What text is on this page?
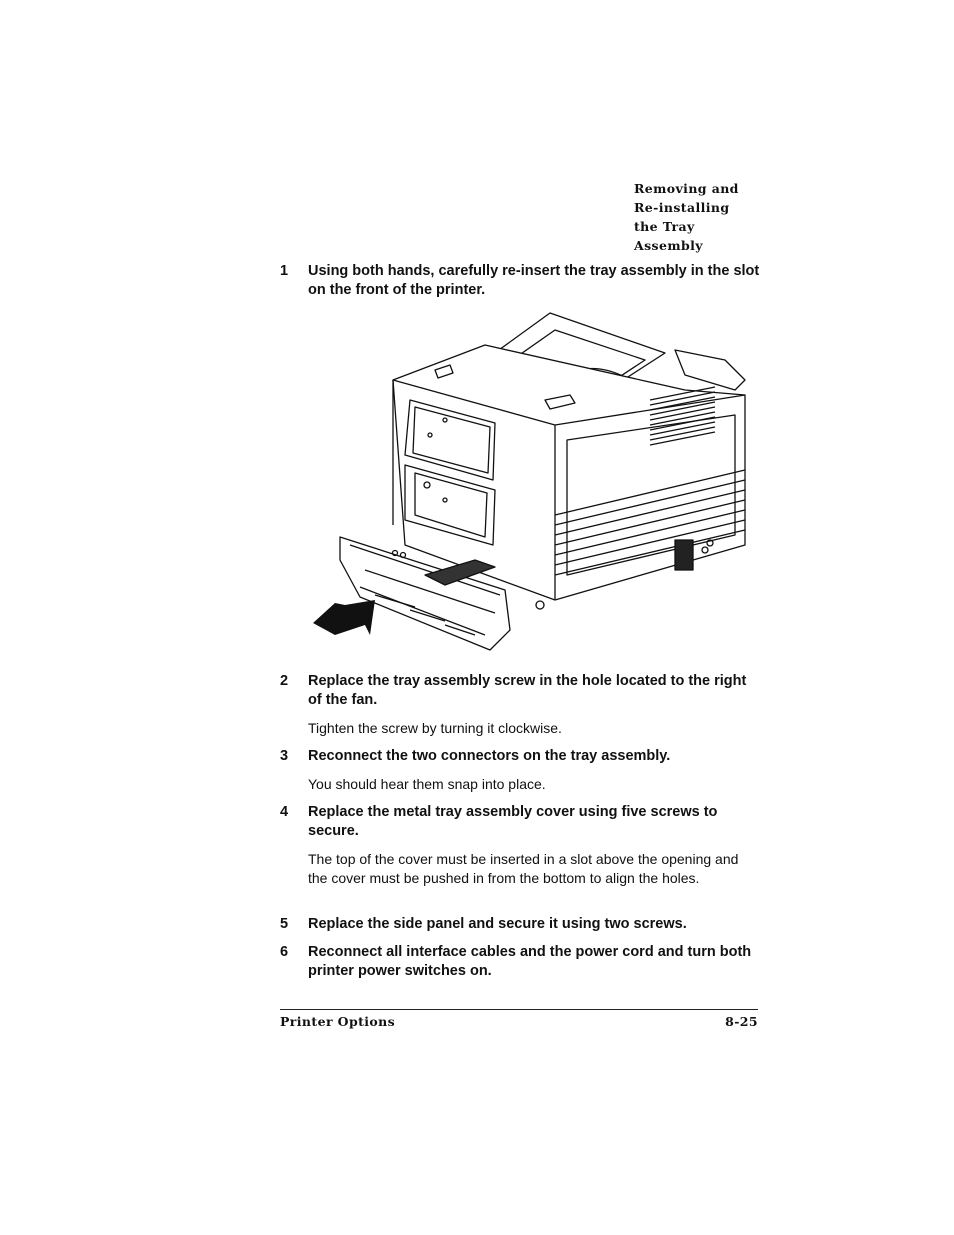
Removing and
Re-installing
the Tray
Assembly
1 Using both hands, carefully re-insert the tray assembly in the slot on the front of the printer.
2 Replace the tray assembly screw in the hole located to the right of the fan.
Tighten the screw by turning it clockwise.
3 Reconnect the two connectors on the tray assembly.
You should hear them snap into place.
4 Replace the metal tray assembly cover using five screws to secure.
The top of the cover must be inserted in a slot above the opening and the cover must be pushed in from the bottom to align the holes.
5 Replace the side panel and secure it using two screws.
6 Reconnect all interface cables and the power cord and turn both printer power switches on.
Printer Options	8-25
